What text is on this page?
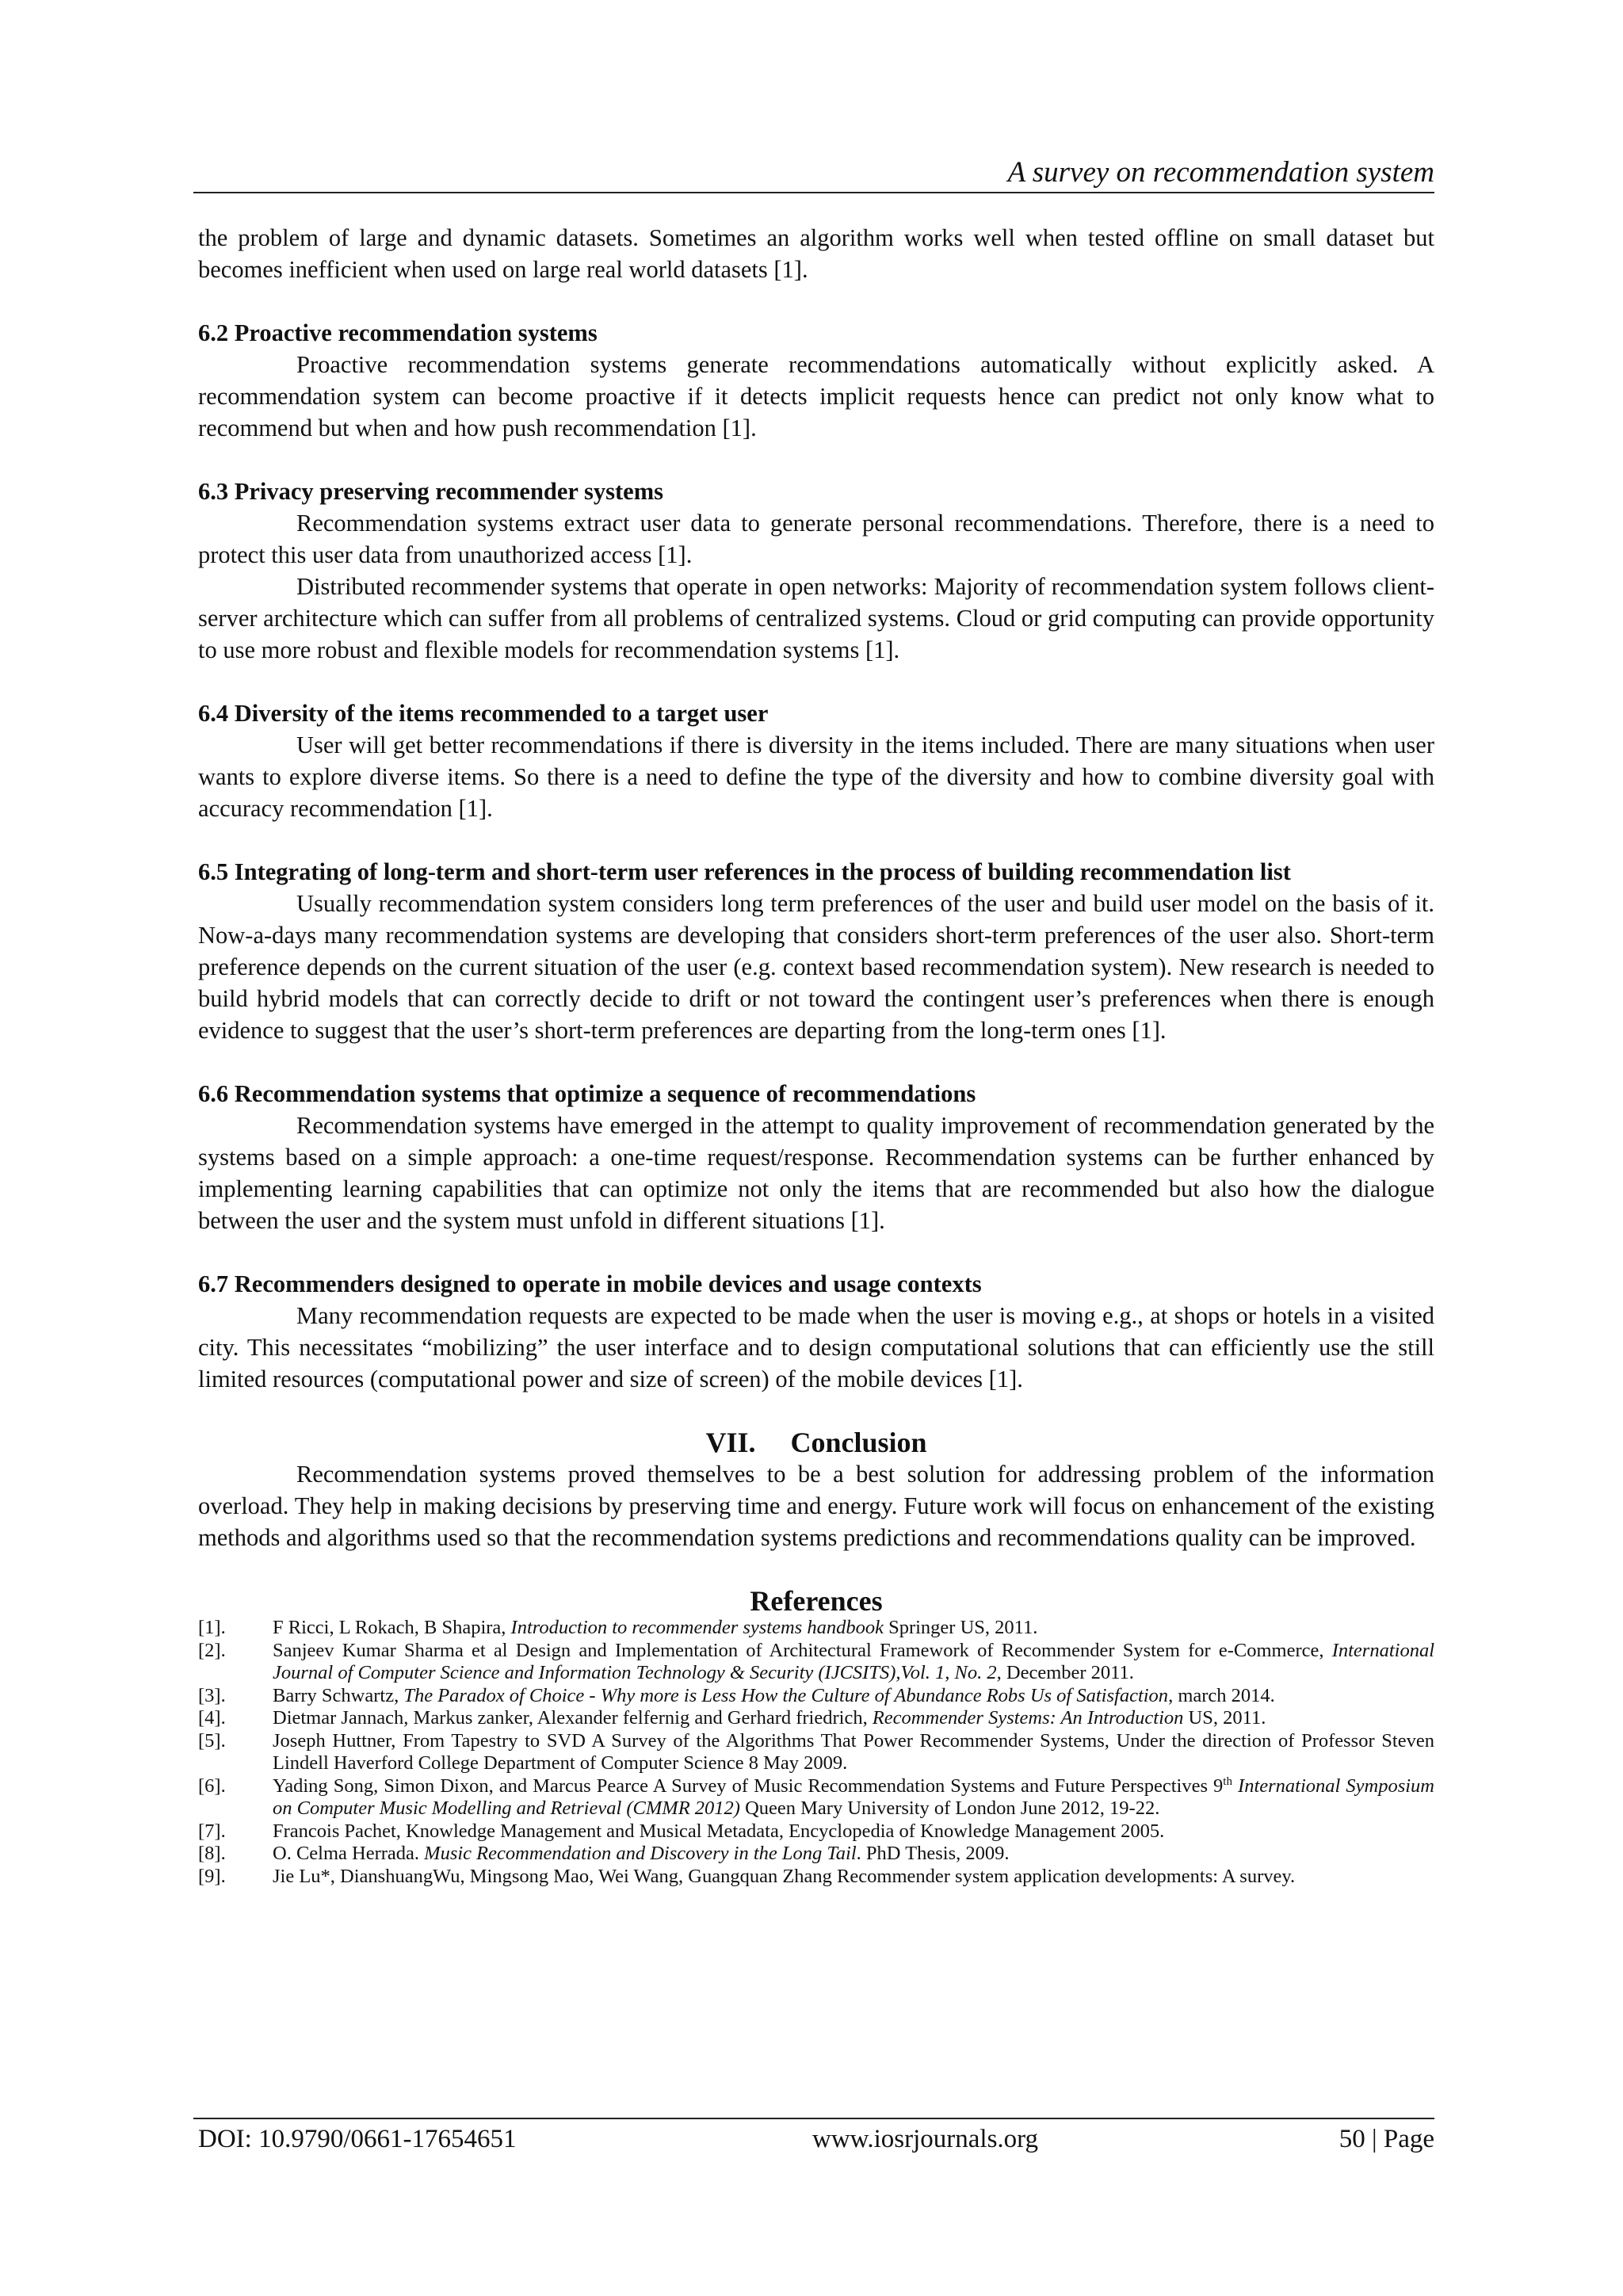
A survey on recommendation system

the problem of large and dynamic datasets. Sometimes an algorithm works well when tested offline on small dataset but becomes inefficient when used on large real world datasets [1].

6.2 Proactive recommendation systems

Proactive recommendation systems generate recommendations automatically without explicitly asked. A recommendation system can become proactive if it detects implicit requests hence can predict not only know what to recommend but when and how push recommendation [1].

6.3 Privacy preserving recommender systems

Recommendation systems extract user data to generate personal recommendations. Therefore, there is a need to protect this user data from unauthorized access [1].

Distributed recommender systems that operate in open networks: Majority of recommendation system follows client-server architecture which can suffer from all problems of centralized systems. Cloud or grid computing can provide opportunity to use more robust and flexible models for recommendation systems [1].

6.4 Diversity of the items recommended to a target user

User will get better recommendations if there is diversity in the items included. There are many situations when user wants to explore diverse items. So there is a need to define the type of the diversity and how to combine diversity goal with accuracy recommendation [1].

6.5 Integrating of long-term and short-term user references in the process of building recommendation list

Usually recommendation system considers long term preferences of the user and build user model on the basis of it. Now-a-days many recommendation systems are developing that considers short-term preferences of the user also. Short-term preference depends on the current situation of the user (e.g. context based recommendation system). New research is needed to build hybrid models that can correctly decide to drift or not toward the contingent user’s preferences when there is enough evidence to suggest that the user’s short-term preferences are departing from the long-term ones [1].

6.6 Recommendation systems that optimize a sequence of recommendations

Recommendation systems have emerged in the attempt to quality improvement of recommendation generated by the systems based on a simple approach: a one-time request/response. Recommendation systems can be further enhanced by implementing learning capabilities that can optimize not only the items that are recommended but also how the dialogue between the user and the system must unfold in different situations [1].

6.7 Recommenders designed to operate in mobile devices and usage contexts

Many recommendation requests are expected to be made when the user is moving e.g., at shops or hotels in a visited city. This necessitates “mobilizing” the user interface and to design computational solutions that can efficiently use the still limited resources (computational power and size of screen) of the mobile devices [1].

VII. Conclusion

Recommendation systems proved themselves to be a best solution for addressing problem of the information overload. They help in making decisions by preserving time and energy. Future work will focus on enhancement of the existing methods and algorithms used so that the recommendation systems predictions and recommendations quality can be improved.

References
[1].	F Ricci, L Rokach, B Shapira, Introduction to recommender systems handbook Springer US, 2011.
[2].	Sanjeev Kumar Sharma et al Design and Implementation of Architectural Framework of Recommender System for e-Commerce, International Journal of Computer Science and Information Technology & Security (IJCSITS),Vol. 1, No. 2, December 2011.
[3].	Barry Schwartz, The Paradox of Choice - Why more is Less How the Culture of Abundance Robs Us of Satisfaction, march 2014.
[4].	Dietmar Jannach, Markus zanker, Alexander felfernig and Gerhard friedrich, Recommender Systems: An Introduction US, 2011.
[5].	Joseph Huttner, From Tapestry to SVD A Survey of the Algorithms That Power Recommender Systems, Under the direction of Professor Steven Lindell Haverford College Department of Computer Science 8 May 2009.
[6].	Yading Song, Simon Dixon, and Marcus Pearce A Survey of Music Recommendation Systems and Future Perspectives 9th International Symposium on Computer Music Modelling and Retrieval (CMMR 2012) Queen Mary University of London June 2012, 19-22.
[7].	Francois Pachet, Knowledge Management and Musical Metadata, Encyclopedia of Knowledge Management 2005.
[8].	O. Celma Herrada. Music Recommendation and Discovery in the Long Tail. PhD Thesis, 2009.
[9].	Jie Lu*, DianshuangWu, Mingsong Mao, Wei Wang, Guangquan Zhang Recommender system application developments: A survey.
DOI: 10.9790/0661-17654651	www.iosrjournals.org	50 | Page
